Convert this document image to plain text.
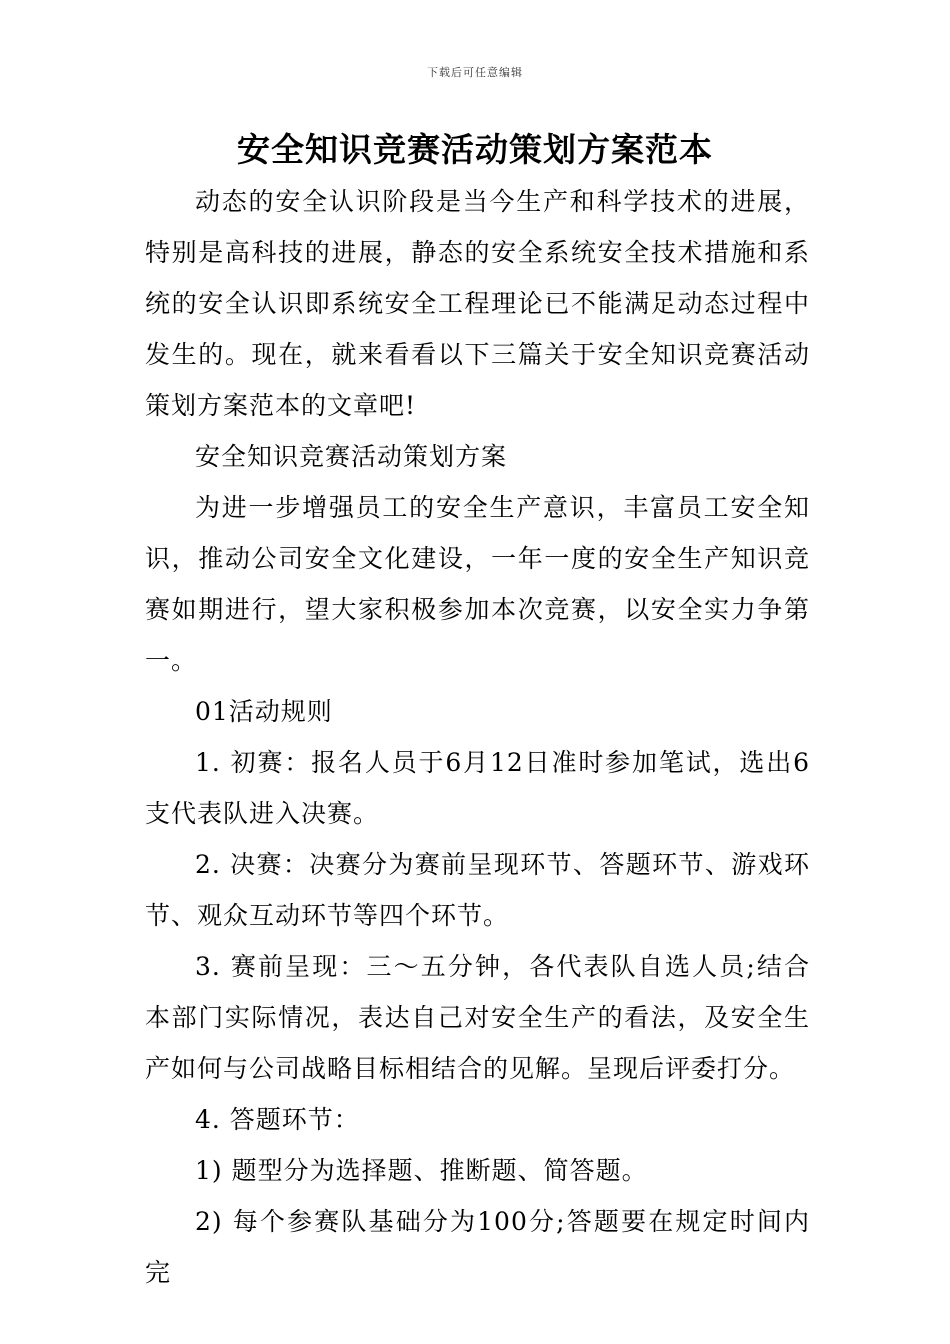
下载后可任意编辑
安全知识竞赛活动策划方案范本

动态的安全认识阶段是当今生产和科学技术的进展，特别是高科技的进展，静态的安全系统安全技术措施和系统的安全认识即系统安全工程理论已不能满足动态过程中发生的。现在，就来看看以下三篇关于安全知识竞赛活动策划方案范本的文章吧!

安全知识竞赛活动策划方案

为进一步增强员工的安全生产意识，丰富员工安全知识，推动公司安全文化建设，一年一度的安全生产知识竞赛如期进行，望大家积极参加本次竞赛，以安全实力争第一。

01活动规则

1. 初赛：报名人员于6月12日准时参加笔试，选出6支代表队进入决赛。

2. 决赛：决赛分为赛前呈现环节、答题环节、游戏环节、观众互动环节等四个环节。

3. 赛前呈现：三～五分钟，各代表队自选人员;结合本部门实际情况，表达自己对安全生产的看法，及安全生产如何与公司战略目标相结合的见解。呈现后评委打分。

4. 答题环节：

1) 题型分为选择题、推断题、简答题。

2) 每个参赛队基础分为100分;答题要在规定时间内完
